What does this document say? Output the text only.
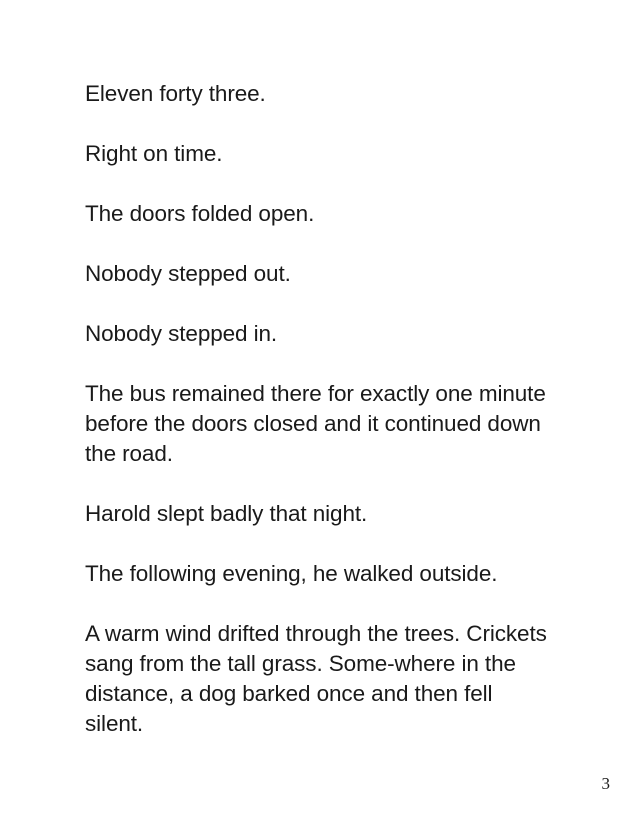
Eleven forty three.

Right on time.

The doors folded open.

Nobody stepped out.

Nobody stepped in.

The bus remained there for exactly one minute before the doors closed and it continued down the road.

Harold slept badly that night.

The following evening, he walked outside.

A warm wind drifted through the trees. Crickets sang from the tall grass. Some-where in the distance, a dog barked once and then fell silent.

3
